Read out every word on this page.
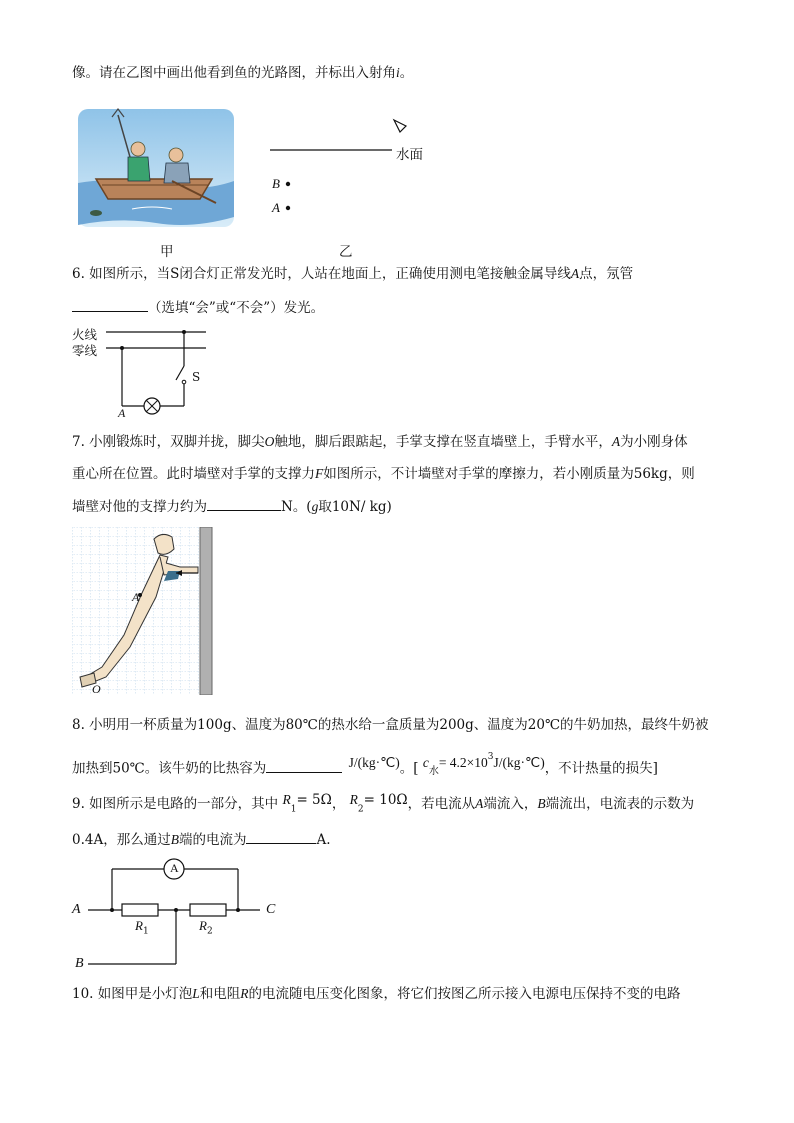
像。请在乙图中画出他看到鱼的光路图，并标出入射角i。
水面
B
A
甲	乙
6. 如图所示，当S闭合灯正常发光时，人站在地面上，正确使用测电笔接触金属导线A点，氖管
（选填“会”或“不会”）发光。
火线
零线
S
A
7. 小刚锻炼时，双脚并拢，脚尖O触地，脚后跟踮起，手掌支撑在竖直墙壁上，手臂水平，A为小刚身体
重心所在位置。此时墙壁对手掌的支撑力F如图所示，不计墙壁对手掌的摩擦力，若小刚质量为56kg，则
墙壁对他的支撑力约为	N。(g取10N/ kg)
A
O
8. 小明用一杯质量为100g、温度为80℃的热水给一盒质量为200g、温度为20℃的牛奶加热，最终牛奶被
加热到50℃。该牛奶的比热容为	J/(kg·℃)。[ $c_水=$ $4.2\times 10^3J/(kg\cdot℃)$，不计热量的损失]
9. 如图所示是电路的一部分，其中 $R_1= 5\Omega$， $R_2= 10\Omega$，若电流从A端流入，B端流出，电流表的示数为
0.4A，那么通过B端的电流为	A.
A
A
B
C
$R_1$	$R_2$
10. 如图甲是小灯泡L和电阻R的电流随电压变化图象，将它们按图乙所示接入电源电压保持不变的电路
